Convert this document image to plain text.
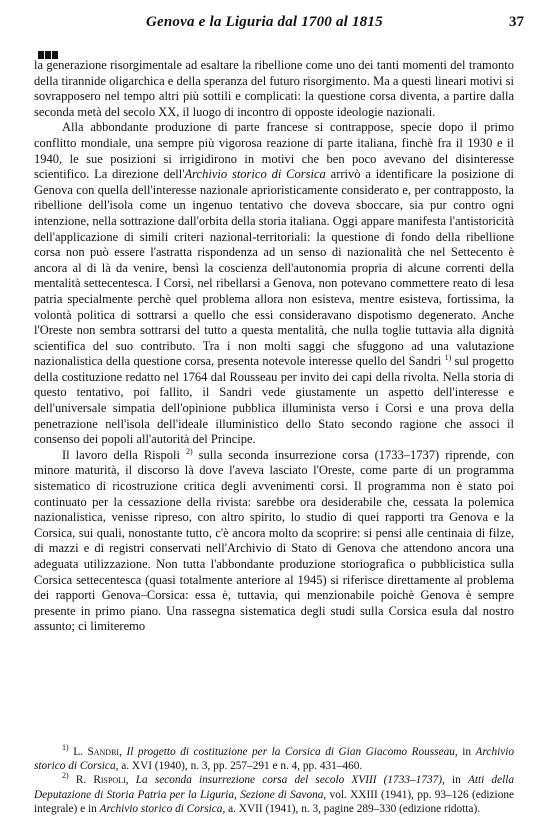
Genova e la Liguria dal 1700 al 1815	37

la generazione risorgimentale ad esaltare la ribellione come uno dei tanti momenti del tramonto della tirannide oligarchica e della speranza del futuro risorgimento. Ma a questi lineari motivi si sovrapposero nel tempo altri più sottili e complicati: la questione corsa diventa, a partire dalla seconda metà del secolo XX, il luogo di incontro di opposte ideologie nazionali.

Alla abbondante produzione di parte francese si contrappose, specie dopo il primo conflitto mondiale, una sempre più vigorosa reazione di parte italiana, finchè fra il 1930 e il 1940, le sue posizioni si irrigidirono in motivi che ben poco avevano del disinteresse scientifico. La direzione dell'Archivio storico di Corsica arrivò a identificare la posizione di Genova con quella dell'interesse nazionale aprioristicamente considerato e, per contrapposto, la ribellione dell'isola come un ingenuo tentativo che doveva sboccare, sia pur contro ogni intenzione, nella sottrazione dall'orbita della storia italiana. Oggi appare manifesta l'antistoricità dell'applicazione di simili criteri nazional-territoriali: la questione di fondo della ribellione corsa non può essere l'astratta rispondenza ad un senso di nazionalità che nel Settecento è ancora al di là da venire, bensì la coscienza dell'autonomia propria di alcune correnti della mentalità settecentesca. I Corsi, nel ribellarsi a Genova, non potevano commettere reato di lesa patria specialmente perchè quel problema allora non esisteva, mentre esisteva, fortissima, la volontà politica di sottrarsi a quello che essi consideravano dispotismo degenerato. Anche l'Oreste non sembra sottrarsi del tutto a questa mentalità, che nulla toglie tuttavia alla dignità scientifica del suo contributo. Tra i non molti saggi che sfuggono ad una valutazione nazionalistica della questione corsa, presenta notevole interesse quello del Sandri $^{1)}$ sul progetto della costituzione redatto nel 1764 dal Rousseau per invito dei capi della rivolta. Nella storia di questo tentativo, poi fallito, il Sandri vede giustamente un aspetto dell'interesse e dell'universale simpatia dell'opinione pubblica illuminista verso i Corsi e una prova della penetrazione nell'isola dell'ideale illuministico dello Stato secondo ragione che associ il consenso dei popoli all'autorità del Principe.

Il lavoro della Rispoli $^{2)}$ sulla seconda insurrezione corsa (1733–1737) riprende, con minore maturità, il discorso là dove l'aveva lasciato l'Oreste, come parte di un programma sistematico di ricostruzione critica degli avvenimenti corsi. Il programma non è stato poi continuato per la cessazione della rivista: sarebbe ora desiderabile che, cessata la polemica nazionalistica, venisse ripreso, con altro spirito, lo studio di quei rapporti tra Genova e la Corsica, sui quali, nonostante tutto, c'è ancora molto da scoprire: si pensi alle centinaia di filze, di mazzi e di registri conservati nell'Archivio di Stato di Genova che attendono ancora una adeguata utilizzazione. Non tutta l'abbondante produzione storiografica o pubblicistica sulla Corsica settecentesca (quasi totalmente anteriore al 1945) si riferisce direttamente al problema dei rapporti Genova–Corsica: essa è, tuttavia, qui menzionabile poichè Genova è sempre presente in primo piano. Una rassegna sistematica degli studi sulla Corsica esula dal nostro assunto; ci limiteremo

$^{1)}$ L. Sandri, Il progetto di costituzione per la Corsica di Gian Giacomo Rousseau, in Archivio storico di Corsica, a. XVI (1940), n. 3, pp. 257–291 e n. 4, pp. 431–460.

$^{2)}$ R. Rispoli, La seconda insurrezione corsa del secolo XVIII (1733–1737), in Atti della Deputazione di Storia Patria per la Liguria, Sezione di Savona, vol. XXIII (1941), pp. 93–126 (edizione integrale) e in Archivio storico di Corsica, a. XVII (1941), n. 3, pagine 289–330 (edizione ridotta).
